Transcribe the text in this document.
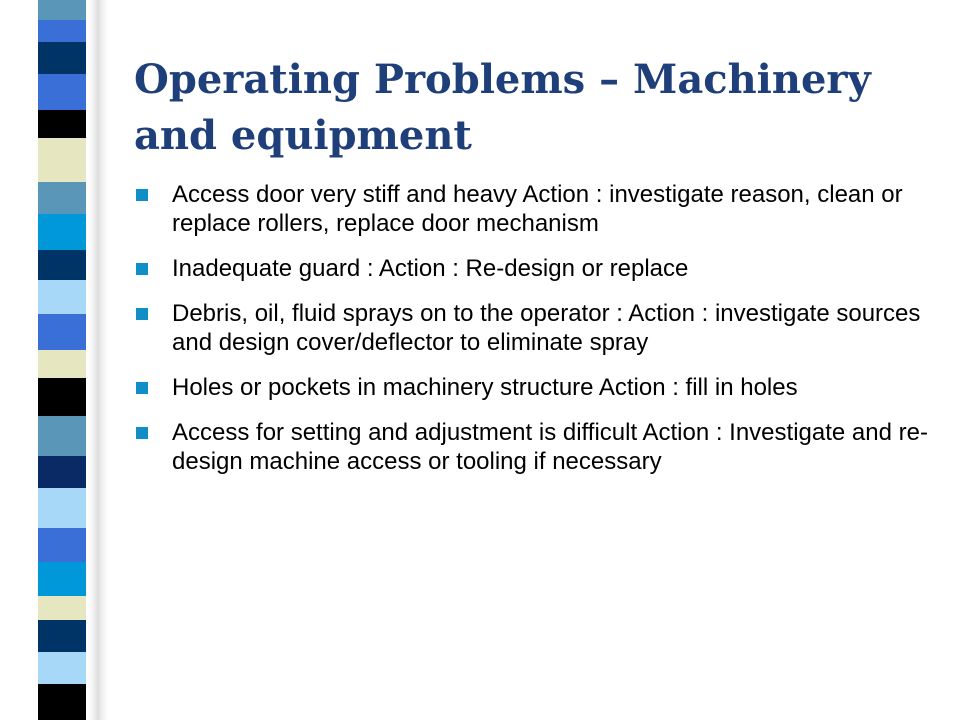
Operating Problems – Machinery and equipment
Access door very stiff and heavy Action : investigate reason, clean or replace rollers, replace door mechanism
Inadequate guard : Action : Re-design or replace
Debris, oil, fluid sprays on to the operator : Action : investigate sources and design cover/deflector to eliminate spray
Holes or pockets in machinery structure Action : fill in holes
Access for setting and adjustment is difficult Action : Investigate and re-design machine access or tooling if necessary
